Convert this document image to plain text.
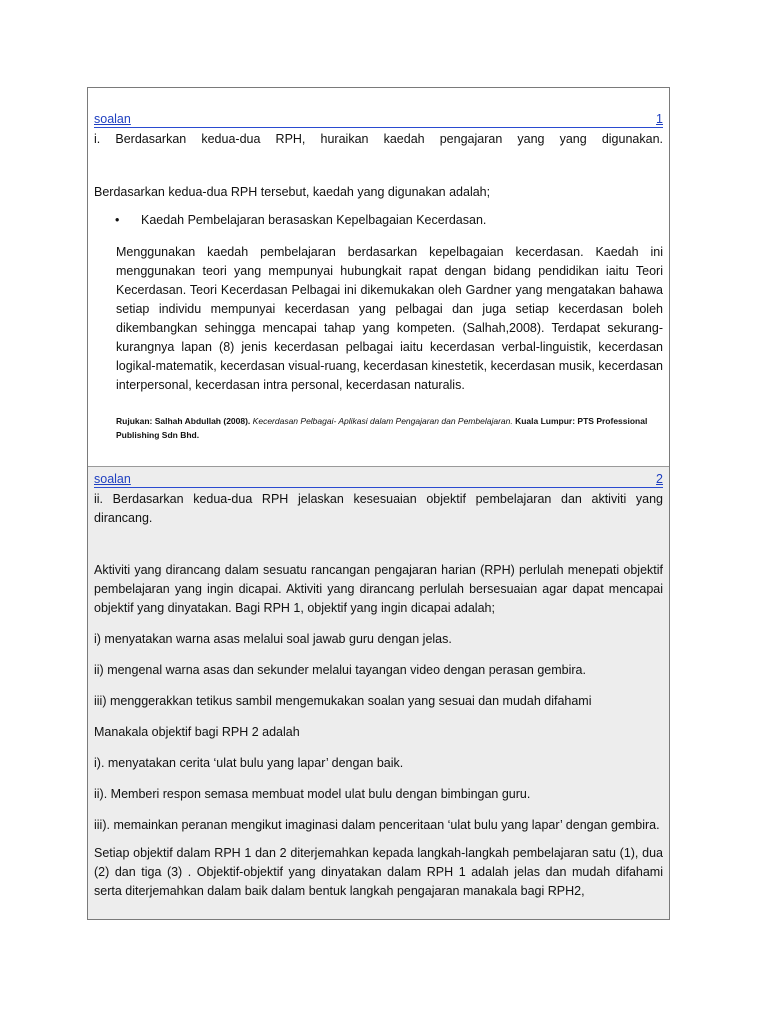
soalan	1

i. Berdasarkan kedua-dua RPH, huraikan kaedah pengajaran yang yang digunakan.

Berdasarkan kedua-dua RPH tersebut, kaedah yang digunakan adalah;

•	Kaedah Pembelajaran berasaskan Kepelbagaian Kecerdasan.

Menggunakan kaedah pembelajaran berdasarkan kepelbagaian kecerdasan. Kaedah ini menggunakan teori yang mempunyai hubungkait rapat dengan bidang pendidikan iaitu Teori Kecerdasan. Teori Kecerdasan Pelbagai ini dikemukakan oleh Gardner yang mengatakan bahawa setiap individu mempunyai kecerdasan yang pelbagai dan juga setiap kecerdasan boleh dikembangkan sehingga mencapai tahap yang kompeten. (Salhah,2008). Terdapat sekurang-kurangnya lapan (8) jenis kecerdasan pelbagai iaitu kecerdasan verbal-linguistik, kecerdasan logikal-matematik, kecerdasan visual-ruang, kecerdasan kinestetik, kecerdasan musik, kecerdasan interpersonal, kecerdasan intra personal, kecerdasan naturalis.

Rujukan: Salhah Abdullah (2008). Kecerdasan Pelbagai- Aplikasi dalam Pengajaran dan Pembelajaran. Kuala Lumpur: PTS Professional Publishing Sdn Bhd.

soalan	2

ii. Berdasarkan kedua-dua RPH jelaskan kesesuaian objektif pembelajaran dan aktiviti yang dirancang.

Aktiviti yang dirancang dalam sesuatu rancangan pengajaran harian (RPH) perlulah menepati objektif pembelajaran yang ingin dicapai. Aktiviti yang dirancang perlulah bersesuaian agar dapat mencapai objektif yang dinyatakan. Bagi RPH 1, objektif yang ingin dicapai adalah;

i) menyatakan warna asas melalui soal jawab guru dengan jelas.

ii) mengenal warna asas dan sekunder melalui tayangan video dengan perasan gembira.

iii) menggerakkan tetikus sambil mengemukakan soalan yang sesuai dan mudah difahami

Manakala objektif bagi RPH 2 adalah

i). menyatakan cerita ‘ulat bulu yang lapar’ dengan baik.

ii). Memberi respon semasa membuat model ulat bulu dengan bimbingan guru.

iii). memainkan peranan mengikut imaginasi dalam penceritaan ‘ulat bulu yang lapar’ dengan gembira.

Setiap objektif dalam RPH 1 dan 2 diterjemahkan kepada langkah-langkah pembelajaran satu (1), dua (2) dan tiga (3) . Objektif-objektif yang dinyatakan dalam RPH 1 adalah jelas dan mudah difahami serta diterjemahkan dalam baik dalam bentuk langkah pengajaran manakala bagi RPH2,
